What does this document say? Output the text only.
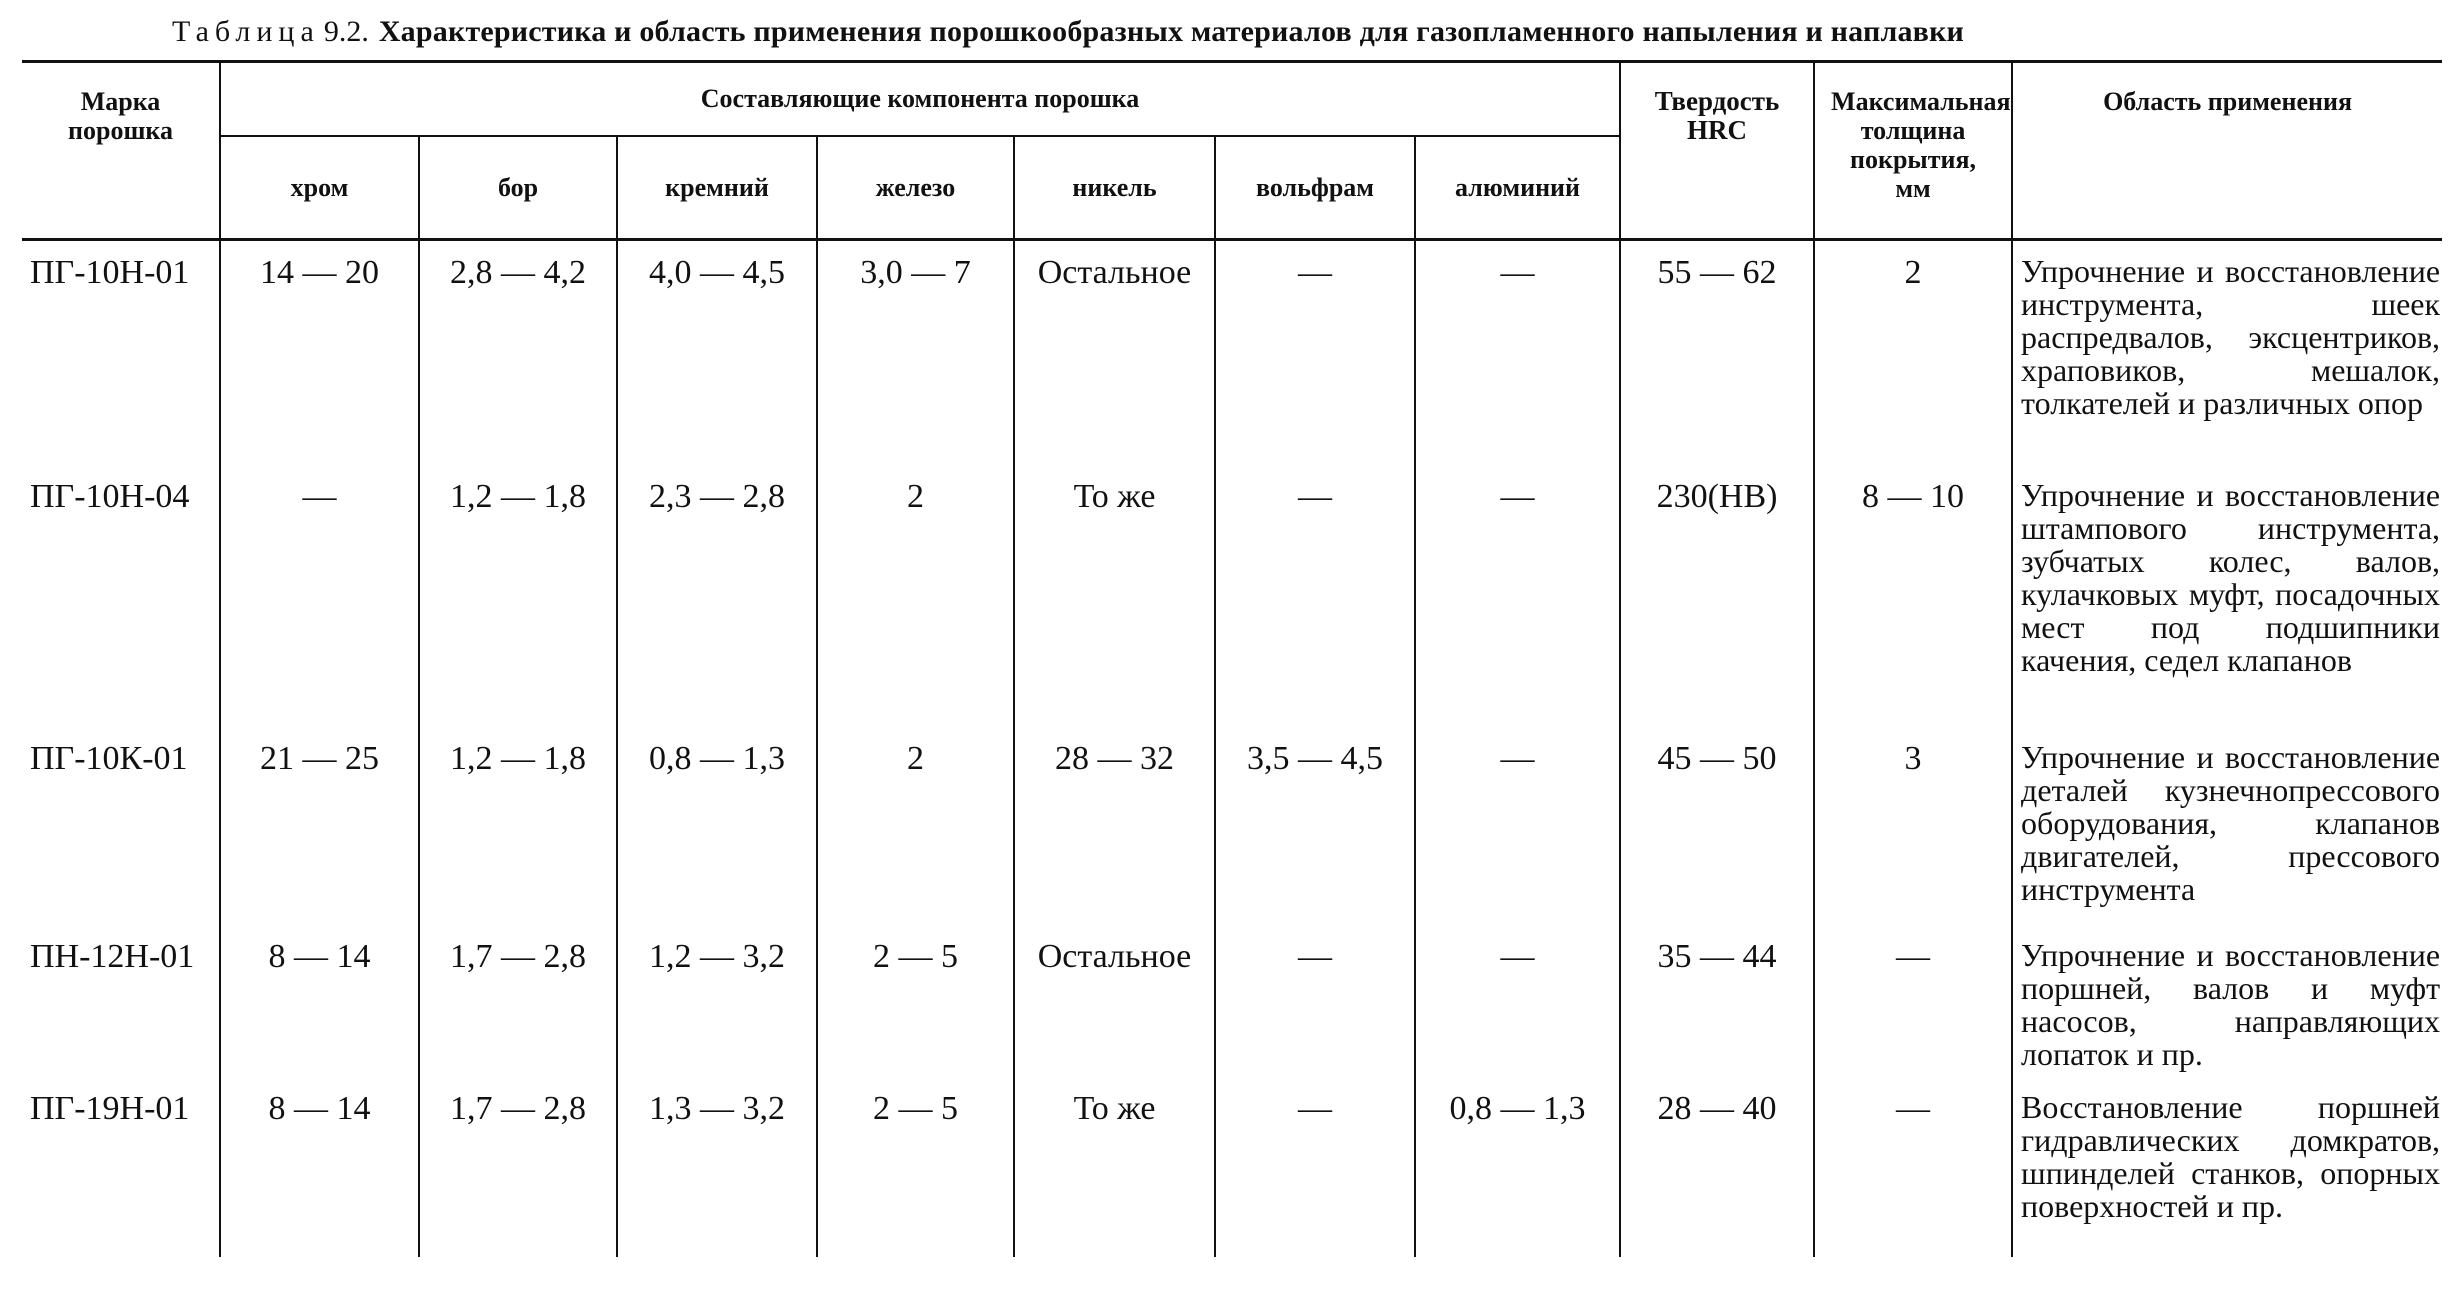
Таблица 9.2. Характеристика и область применения порошкообразных материалов для газопламенного напыления и наплавки
Марка порошка	Составляющие компонента порошка							Твердость HRC	Максимальная толщина покрытия, мм	Область применения
	хром	бор	кремний	железо	никель	вольфрам	алюминий			
ПГ-10Н-01	14 — 20	2,8 — 4,2	4,0 — 4,5	3,0 — 7	Остальное	—	—	55 — 62	2	Упрочнение и восстановление инструмента, шеек распредвалов, эксцентриков, храповиков, мешалок, толкателей и различных опор
ПГ-10Н-04	—	1,2 — 1,8	2,3 — 2,8	2	То же	—	—	230(НВ)	8 — 10	Упрочнение и восстановление штампового инструмента, зубчатых колес, валов, кулачковых муфт, посадочных мест под подшипники качения, седел клапанов
ПГ-10К-01	21 — 25	1,2 — 1,8	0,8 — 1,3	2	28 — 32	3,5 — 4,5	—	45 — 50	3	Упрочнение и восстановление деталей кузнечнопрессового оборудования, клапанов двигателей, прессового инструмента
ПН-12Н-01	8 — 14	1,7 — 2,8	1,2 — 3,2	2 — 5	Остальное	—	—	35 — 44	—	Упрочнение и восстановление поршней, валов и муфт насосов, направляющих лопаток и пр.
ПГ-19Н-01	8 — 14	1,7 — 2,8	1,3 — 3,2	2 — 5	То же	—	0,8 — 1,3	28 — 40	—	Восстановление поршней гидравлических домкратов, шпинделей станков, опорных поверхностей и пр.
